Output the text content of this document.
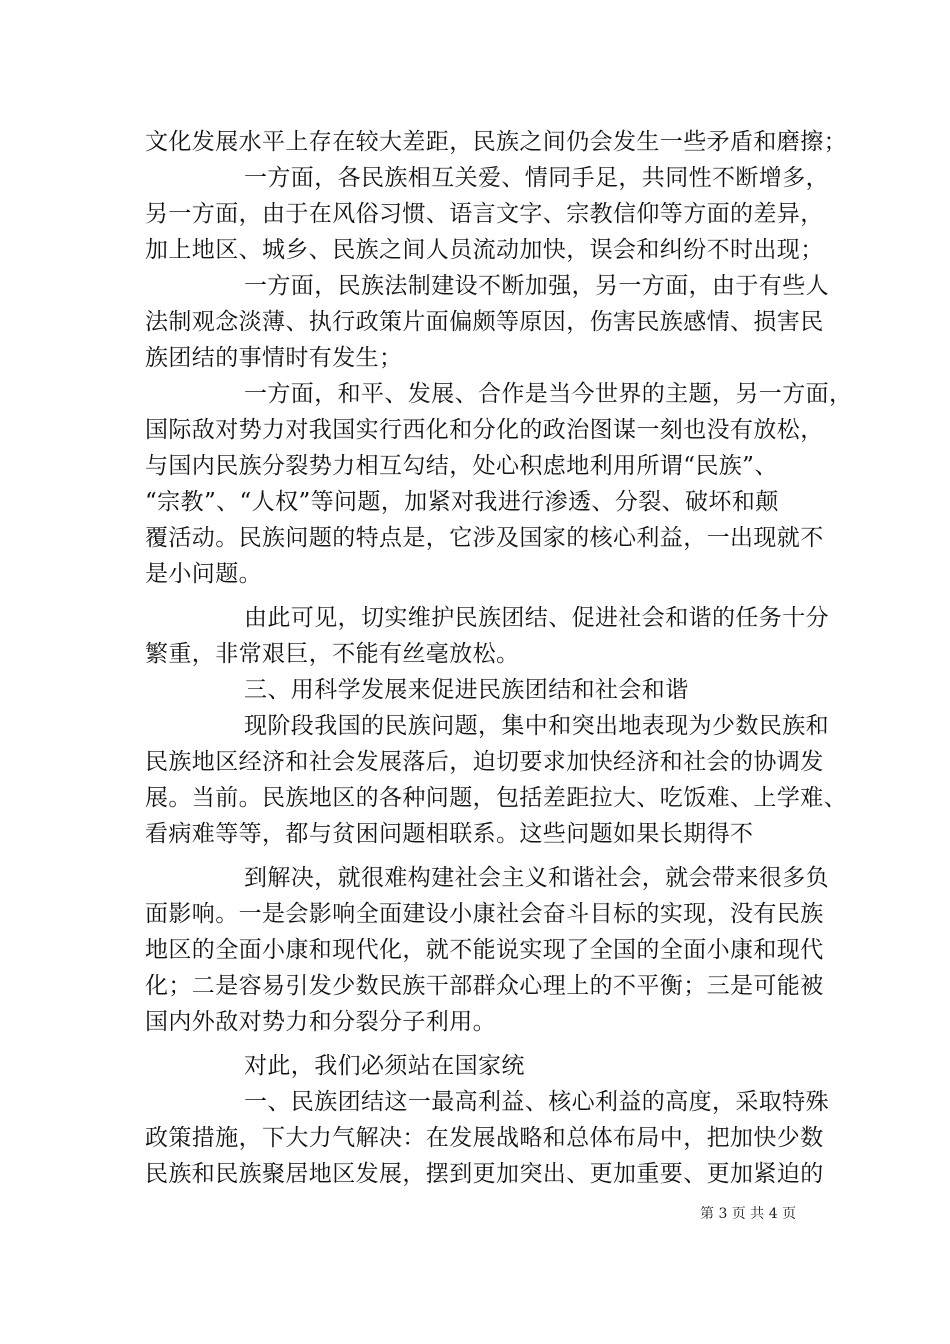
文化发展水平上存在较大差距，民族之间仍会发生一些矛盾和磨擦；
一方面，各民族相互关爱、情同手足，共同性不断增多，
另一方面，由于在风俗习惯、语言文字、宗教信仰等方面的差异，
加上地区、城乡、民族之间人员流动加快，误会和纠纷不时出现；
一方面，民族法制建设不断加强，另一方面，由于有些人
法制观念淡薄、执行政策片面偏颇等原因，伤害民族感情、损害民
族团结的事情时有发生；
一方面，和平、发展、合作是当今世界的主题，另一方面，
国际敌对势力对我国实行西化和分化的政治图谋一刻也没有放松，
与国内民族分裂势力相互勾结，处心积虑地利用所谓“民族”、
“宗教”、“人权”等问题，加紧对我进行渗透、分裂、破坏和颠
覆活动。民族问题的特点是，它涉及国家的核心利益，一出现就不
是小问题。
由此可见，切实维护民族团结、促进社会和谐的任务十分
繁重，非常艰巨，不能有丝毫放松。
三、用科学发展来促进民族团结和社会和谐
现阶段我国的民族问题，集中和突出地表现为少数民族和
民族地区经济和社会发展落后，迫切要求加快经济和社会的协调发
展。当前。民族地区的各种问题，包括差距拉大、吃饭难、上学难、
看病难等等，都与贫困问题相联系。这些问题如果长期得不
到解决，就很难构建社会主义和谐社会，就会带来很多负
面影响。一是会影响全面建设小康社会奋斗目标的实现，没有民族
地区的全面小康和现代化，就不能说实现了全国的全面小康和现代
化；二是容易引发少数民族干部群众心理上的不平衡；三是可能被
国内外敌对势力和分裂分子利用。
对此，我们必须站在国家统
一、民族团结这一最高利益、核心利益的高度，采取特殊
政策措施，下大力气解决：在发展战略和总体布局中，把加快少数
民族和民族聚居地区发展，摆到更加突出、更加重要、更加紧迫的
第 3 页 共 4 页
